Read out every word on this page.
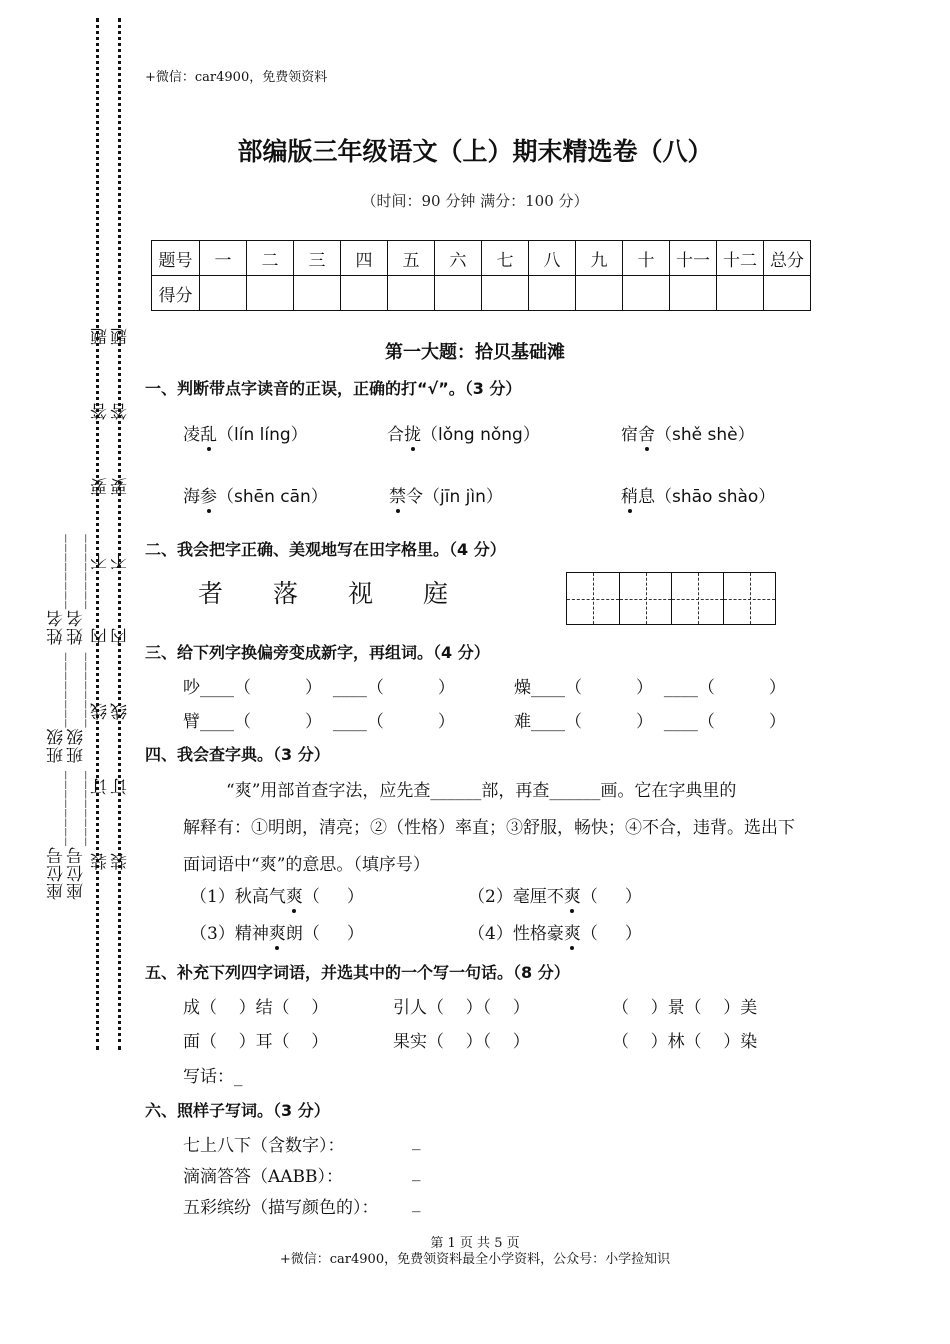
座位号________ 班级________ 姓名________ 座位号________ 班级________ 姓名________ 装订线内不要答题 装订线内不要答题
+微信：car4900，免费领资料
部编版三年级语文（上）期末精选卷（八）
（时间：90 分钟 满分：100 分）
题号	一	二	三	四	五	六	七	八	九	十	十一	十二	总分
得分													
第一大题：拾贝基础滩
一、判断带点字读音的正误，正确的打“√”。（3 分）
凌乱（lín líng）	合拢（lǒng nǒng）	宿舍（shě shè）
海参（shēn cān）	禁令（jīn jìn）	稍息（shāo shào）
二、我会把字正确、美观地写在田字格里。（4 分）
者　　落　　视　　庭
三、给下列字换偏旁变成新字，再组词。（4 分）
吵____（          ）  ____（          ）	燥____（          ）  ____（          ）
臂____（          ）  ____（          ）	难____（          ）  ____（          ）
四、我会查字典。（3 分）
“爽”用部首查字法，应先查______部，再查______画。它在字典里的
解释有：①明朗，清亮；②（性格）率直；③舒服，畅快；④不合，违背。选出下
面词语中“爽”的意思。（填序号）
（1）秋高气爽（     ）	（2）毫厘不爽（     ）
（3）精神爽朗（     ）	（4）性格豪爽（     ）
五、补充下列四字词语，并选其中的一个写一句话。（8 分）
成（    ）结（    ）	引人（    ）（    ）	（    ）景（    ）美
面（    ）耳（    ）	果实（    ）（    ）	（    ）林（    ）染
写话：_
六、照样子写词。（3 分）
七上八下（含数字）：	_
滴滴答答（AABB）：	_
五彩缤纷（描写颜色的）： _
第 1 页 共 5 页
+微信：car4900，免费领资料最全小学资料，公众号：小学捡知识
